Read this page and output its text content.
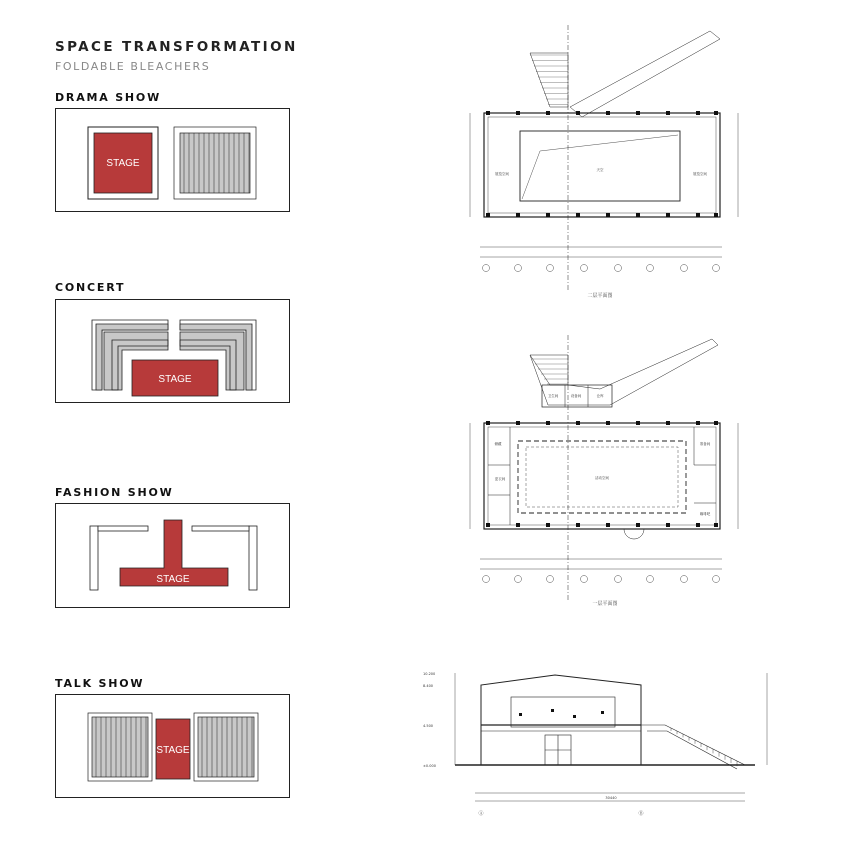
SPACE TRANSFORMATION
FOLDABLE BLEACHERS
DRAMA SHOW
STAGE
CONCERT
STAGE
FASHION SHOW
STAGE
TALK SHOW
STAGE
天空
展览空间	展览空间
二层平面图
活动空间
卫生间	设备间
储藏
更衣间
准备间
仓库
咖啡吧
一层平面图
10.200
8.400
4.500
±0.000
30440
Ⓐ	Ⓑ
